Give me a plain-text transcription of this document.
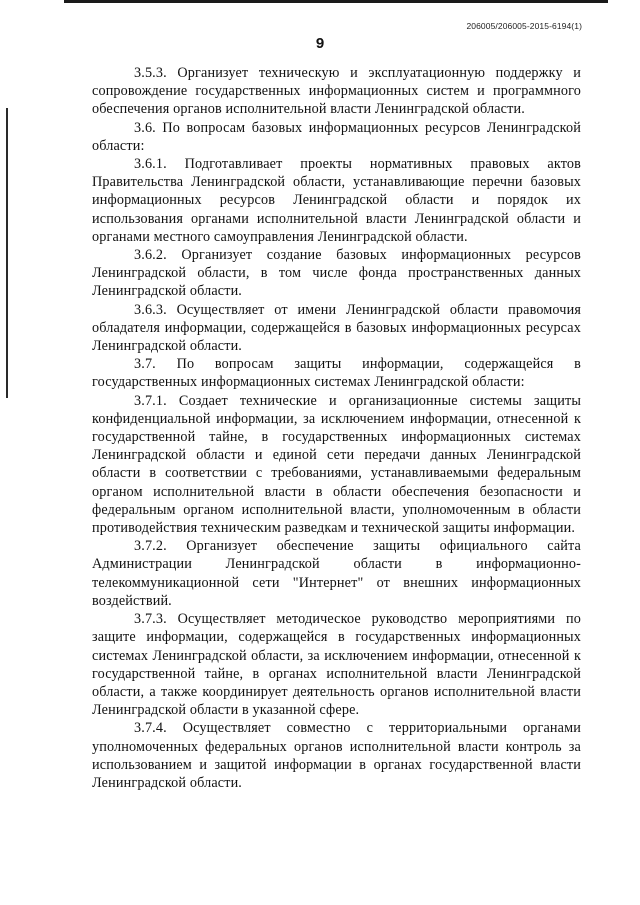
206005/206005-2015-6194(1)
9

3.5.3. Организует техническую и эксплуатационную поддержку и сопровождение государственных информационных систем и программного обеспечения органов исполнительной власти Ленинградской области.

3.6. По вопросам базовых информационных ресурсов Ленинградской области:

3.6.1. Подготавливает проекты нормативных правовых актов Правительства Ленинградской области, устанавливающие перечни базовых информационных ресурсов Ленинградской области и порядок их использования органами исполнительной власти Ленинградской области и органами местного самоуправления Ленинградской области.

3.6.2. Организует создание базовых информационных ресурсов Ленинградской области, в том числе фонда пространственных данных Ленинградской области.

3.6.3. Осуществляет от имени Ленинградской области правомочия обладателя информации, содержащейся в базовых информационных ресурсах Ленинградской области.

3.7. По вопросам защиты информации, содержащейся в государственных информационных системах Ленинградской области:

3.7.1. Создает технические и организационные системы защиты конфиденциальной информации, за исключением информации, отнесенной к государственной тайне, в государственных информационных системах Ленинградской области и единой сети передачи данных Ленинградской области в соответствии с требованиями, устанавливаемыми федеральным органом исполнительной власти в области обеспечения безопасности и федеральным органом исполнительной власти, уполномоченным в области противодействия техническим разведкам и технической защиты информации.

3.7.2. Организует обеспечение защиты официального сайта Администрации Ленинградской области в информационно-телекоммуникационной сети "Интернет" от внешних информационных воздействий.

3.7.3. Осуществляет методическое руководство мероприятиями по защите информации, содержащейся в государственных информационных системах Ленинградской области, за исключением информации, отнесенной к государственной тайне, в органах исполнительной власти Ленинградской области, а также координирует деятельность органов исполнительной власти Ленинградской области в указанной сфере.

3.7.4. Осуществляет совместно с территориальными органами уполномоченных федеральных органов исполнительной власти контроль за использованием и защитой информации в органах государственной власти Ленинградской области.
